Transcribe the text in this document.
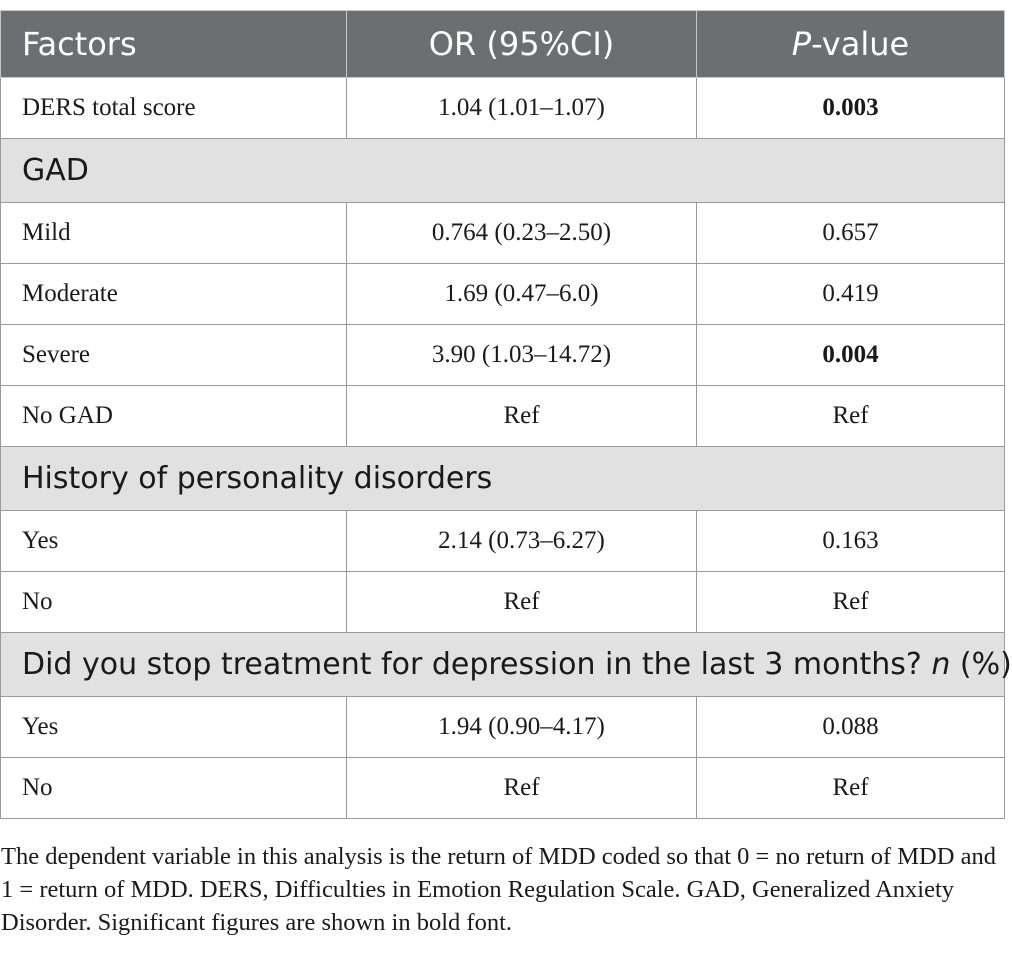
Factors	OR (95%CI)	P-value
DERS total score	1.04 (1.01–1.07)	0.003
GAD		
Mild	0.764 (0.23–2.50)	0.657
Moderate	1.69 (0.47–6.0)	0.419
Severe	3.90 (1.03–14.72)	0.004
No GAD	Ref	Ref
History of personality disorders		
Yes	2.14 (0.73–6.27)	0.163
No	Ref	Ref
Did you stop treatment for depression in the last 3 months? n (%)		
Yes	1.94 (0.90–4.17)	0.088
No	Ref	Ref

The dependent variable in this analysis is the return of MDD coded so that 0 = no return of MDD and 1 = return of MDD. DERS, Difficulties in Emotion Regulation Scale. GAD, Generalized Anxiety Disorder. Significant figures are shown in bold font.
